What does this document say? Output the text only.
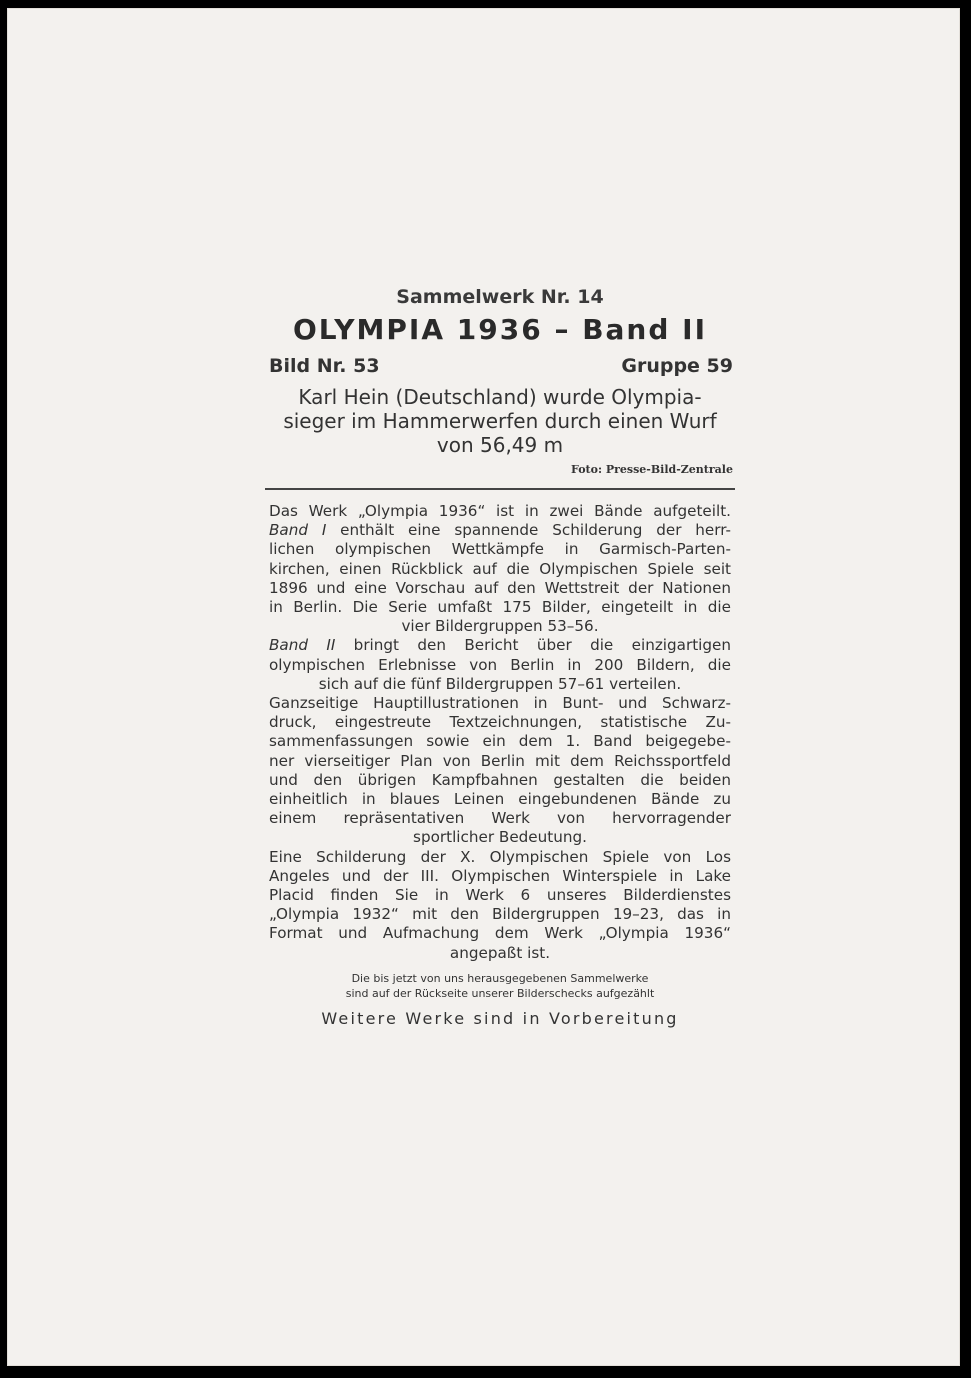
Sammelwerk Nr. 14
OLYMPIA 1936 – Band II
Bild Nr. 53	Gruppe 59
Karl Hein (Deutschland) wurde Olympia-
sieger im Hammerwerfen durch einen Wurf
von 56,49 m
Foto: Presse-Bild-Zentrale
Das Werk „Olympia 1936“ ist in zwei Bände aufgeteilt.
Band I enthält eine spannende Schilderung der herr-
lichen olympischen Wettkämpfe in Garmisch-Parten-
kirchen, einen Rückblick auf die Olympischen Spiele seit
1896 und eine Vorschau auf den Wettstreit der Nationen
in Berlin. Die Serie umfaßt 175 Bilder, eingeteilt in die
vier Bildergruppen 53–56.
Band II bringt den Bericht über die einzigartigen
olympischen Erlebnisse von Berlin in 200 Bildern, die
sich auf die fünf Bildergruppen 57–61 verteilen.
Ganzseitige Hauptillustrationen in Bunt- und Schwarz-
druck, eingestreute Textzeichnungen, statistische Zu-
sammenfassungen sowie ein dem 1. Band beigegebe-
ner vierseitiger Plan von Berlin mit dem Reichssportfeld
und den übrigen Kampfbahnen gestalten die beiden
einheitlich in blaues Leinen eingebundenen Bände zu
einem repräsentativen Werk von hervorragender
sportlicher Bedeutung.
Eine Schilderung der X. Olympischen Spiele von Los
Angeles und der III. Olympischen Winterspiele in Lake
Placid finden Sie in Werk 6 unseres Bilderdienstes
„Olympia 1932“ mit den Bildergruppen 19–23, das in
Format und Aufmachung dem Werk „Olympia 1936“
angepaßt ist.
Die bis jetzt von uns herausgegebenen Sammelwerke
sind auf der Rückseite unserer Bilderschecks aufgezählt
Weitere Werke sind in Vorbereitung
